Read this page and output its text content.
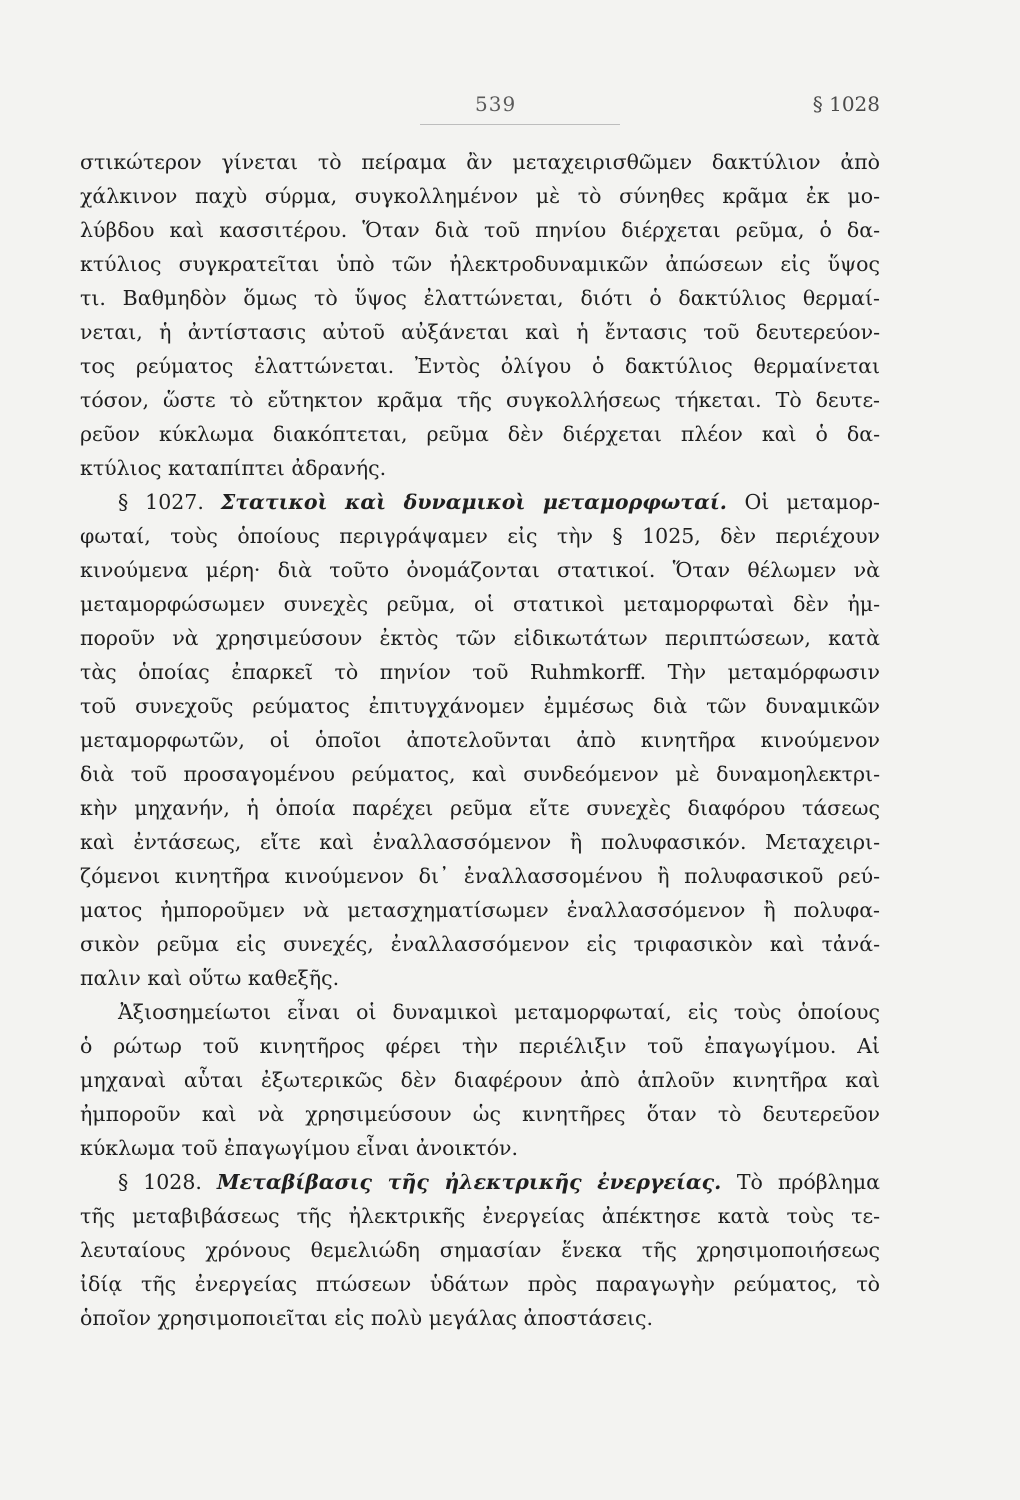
539	§ 1028
στικώτερον γίνεται τὸ πείραμα ἂν μεταχειρισθῶμεν δακτύλιον ἀπὸ
χάλκινον παχὺ σύρμα, συγκολλημένον μὲ τὸ σύνηθες κρᾶμα ἐκ μο-
λύβδου καὶ κασσιτέρου. Ὅταν διὰ τοῦ πηνίου διέρχεται ρεῦμα, ὁ δα-
κτύλιος συγκρατεῖται ὑπὸ τῶν ἠλεκτροδυναμικῶν ἀπώσεων εἰς ὕψος
τι. Βαθμηδὸν ὅμως τὸ ὕψος ἐλαττώνεται, διότι ὁ δακτύλιος θερμαί-
νεται, ἡ ἀντίστασις αὐτοῦ αὐξάνεται καὶ ἡ ἔντασις τοῦ δευτερεύον-
τος ρεύματος ἐλαττώνεται. Ἐντὸς ὀλίγου ὁ δακτύλιος θερμαίνεται
τόσον, ὥστε τὸ εὔτηκτον κρᾶμα τῆς συγκολλήσεως τήκεται. Τὸ δευτε-
ρεῦον κύκλωμα διακόπτεται, ρεῦμα δὲν διέρχεται πλέον καὶ ὁ δα-
κτύλιος καταπίπτει ἀδρανής.
§ 1027. Στατικοὶ καὶ δυναμικοὶ μεταμορφωταί. Οἱ μεταμορ-
φωταί, τοὺς ὁποίους περιγράψαμεν εἰς τὴν § 1025, δὲν περιέχουν
κινούμενα μέρη· διὰ τοῦτο ὀνομάζονται στατικοί. Ὅταν θέλωμεν νὰ
μεταμορφώσωμεν συνεχὲς ρεῦμα, οἱ στατικοὶ μεταμορφωταὶ δὲν ἠμ-
ποροῦν νὰ χρησιμεύσουν ἐκτὸς τῶν εἰδικωτάτων περιπτώσεων, κατὰ
τὰς ὁποίας ἐπαρκεῖ τὸ πηνίον τοῦ Ruhmkorff. Τὴν μεταμόρφωσιν
τοῦ συνεχοῦς ρεύματος ἐπιτυγχάνομεν ἐμμέσως διὰ τῶν δυναμικῶν
μεταμορφωτῶν, οἱ ὁποῖοι ἀποτελοῦνται ἀπὸ κινητῆρα κινούμενον
διὰ τοῦ προσαγομένου ρεύματος, καὶ συνδεόμενον μὲ δυναμοηλεκτρι-
κὴν μηχανήν, ἡ ὁποία παρέχει ρεῦμα εἴτε συνεχὲς διαφόρου τάσεως
καὶ ἐντάσεως, εἴτε καὶ ἐναλλασσόμενον ἢ πολυφασικόν. Μεταχειρι-
ζόμενοι κινητῆρα κινούμενον δι᾽ ἐναλλασσομένου ἢ πολυφασικοῦ ρεύ-
ματος ἠμποροῦμεν νὰ μετασχηματίσωμεν ἐναλλασσόμενον ἢ πολυφα-
σικὸν ρεῦμα εἰς συνεχές, ἐναλλασσόμενον εἰς τριφασικὸν καὶ τἀνά-
παλιν καὶ οὕτω καθεξῆς.
Ἀξιοσημείωτοι εἶναι οἱ δυναμικοὶ μεταμορφωταί, εἰς τοὺς ὁποίους
ὁ ρώτωρ τοῦ κινητῆρος φέρει τὴν περιέλιξιν τοῦ ἐπαγωγίμου. Αἱ
μηχαναὶ αὗται ἐξωτερικῶς δὲν διαφέρουν ἀπὸ ἁπλοῦν κινητῆρα καὶ
ἠμποροῦν καὶ νὰ χρησιμεύσουν ὡς κινητῆρες ὅταν τὸ δευτερεῦον
κύκλωμα τοῦ ἐπαγωγίμου εἶναι ἀνοικτόν.
§ 1028. Μεταβίβασις τῆς ἠλεκτρικῆς ἐνεργείας. Τὸ πρόβλημα
τῆς μεταβιβάσεως τῆς ἠλεκτρικῆς ἐνεργείας ἀπέκτησε κατὰ τοὺς τε-
λευταίους χρόνους θεμελιώδη σημασίαν ἕνεκα τῆς χρησιμοποιήσεως
ἰδίᾳ τῆς ἐνεργείας πτώσεων ὑδάτων πρὸς παραγωγὴν ρεύματος, τὸ
ὁποῖον χρησιμοποιεῖται εἰς πολὺ μεγάλας ἀποστάσεις.
